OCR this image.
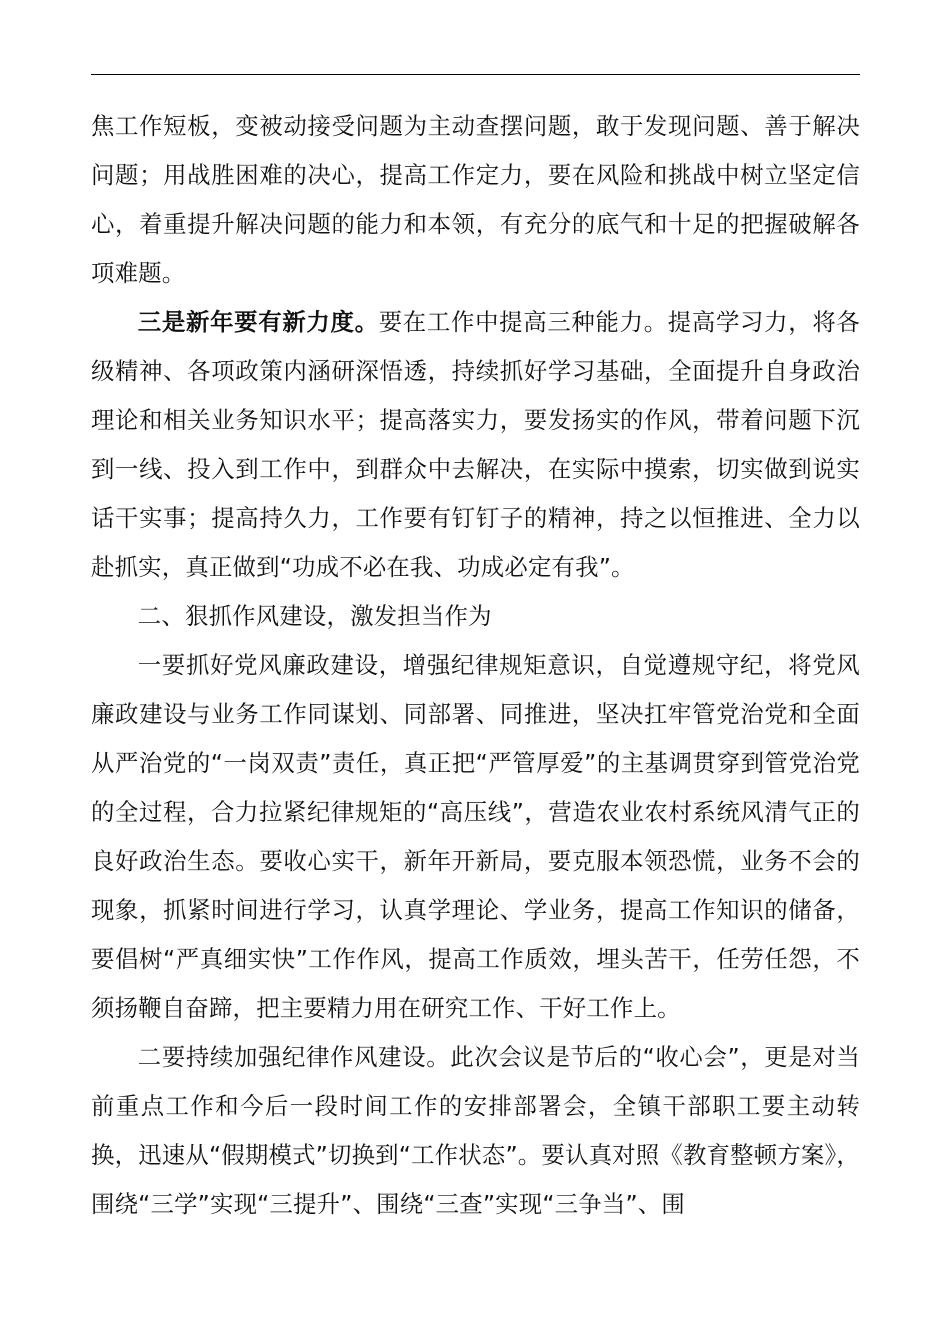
焦工作短板，变被动接受问题为主动查摆问题，敢于发现问题、善于解决问题；用战胜困难的决心，提高工作定力，要在风险和挑战中树立坚定信心，着重提升解决问题的能力和本领，有充分的底气和十足的把握破解各项难题。

三是新年要有新力度。要在工作中提高三种能力。提高学习力，将各级精神、各项政策内涵研深悟透，持续抓好学习基础，全面提升自身政治理论和相关业务知识水平；提高落实力，要发扬实的作风，带着问题下沉到一线、投入到工作中，到群众中去解决，在实际中摸索，切实做到说实话干实事；提高持久力，工作要有钉钉子的精神，持之以恒推进、全力以赴抓实，真正做到“功成不必在我、功成必定有我”。

二、狠抓作风建设，激发担当作为

一要抓好党风廉政建设，增强纪律规矩意识，自觉遵规守纪，将党风廉政建设与业务工作同谋划、同部署、同推进，坚决扛牢管党治党和全面从严治党的“一岗双责”责任，真正把“严管厚爱”的主基调贯穿到管党治党的全过程，合力拉紧纪律规矩的“高压线”，营造农业农村系统风清气正的良好政治生态。要收心实干，新年开新局，要克服本领恐慌，业务不会的现象，抓紧时间进行学习，认真学理论、学业务，提高工作知识的储备，要倡树“严真细实快”工作作风，提高工作质效，埋头苦干，任劳任怨，不须扬鞭自奋蹄，把主要精力用在研究工作、干好工作上。

二要持续加强纪律作风建设。此次会议是节后的“收心会”，更是对当前重点工作和今后一段时间工作的安排部署会，全镇干部职工要主动转换，迅速从“假期模式”切换到“工作状态”。要认真对照《教育整顿方案》，围绕“三学”实现“三提升”、围绕“三查”实现“三争当”、围
